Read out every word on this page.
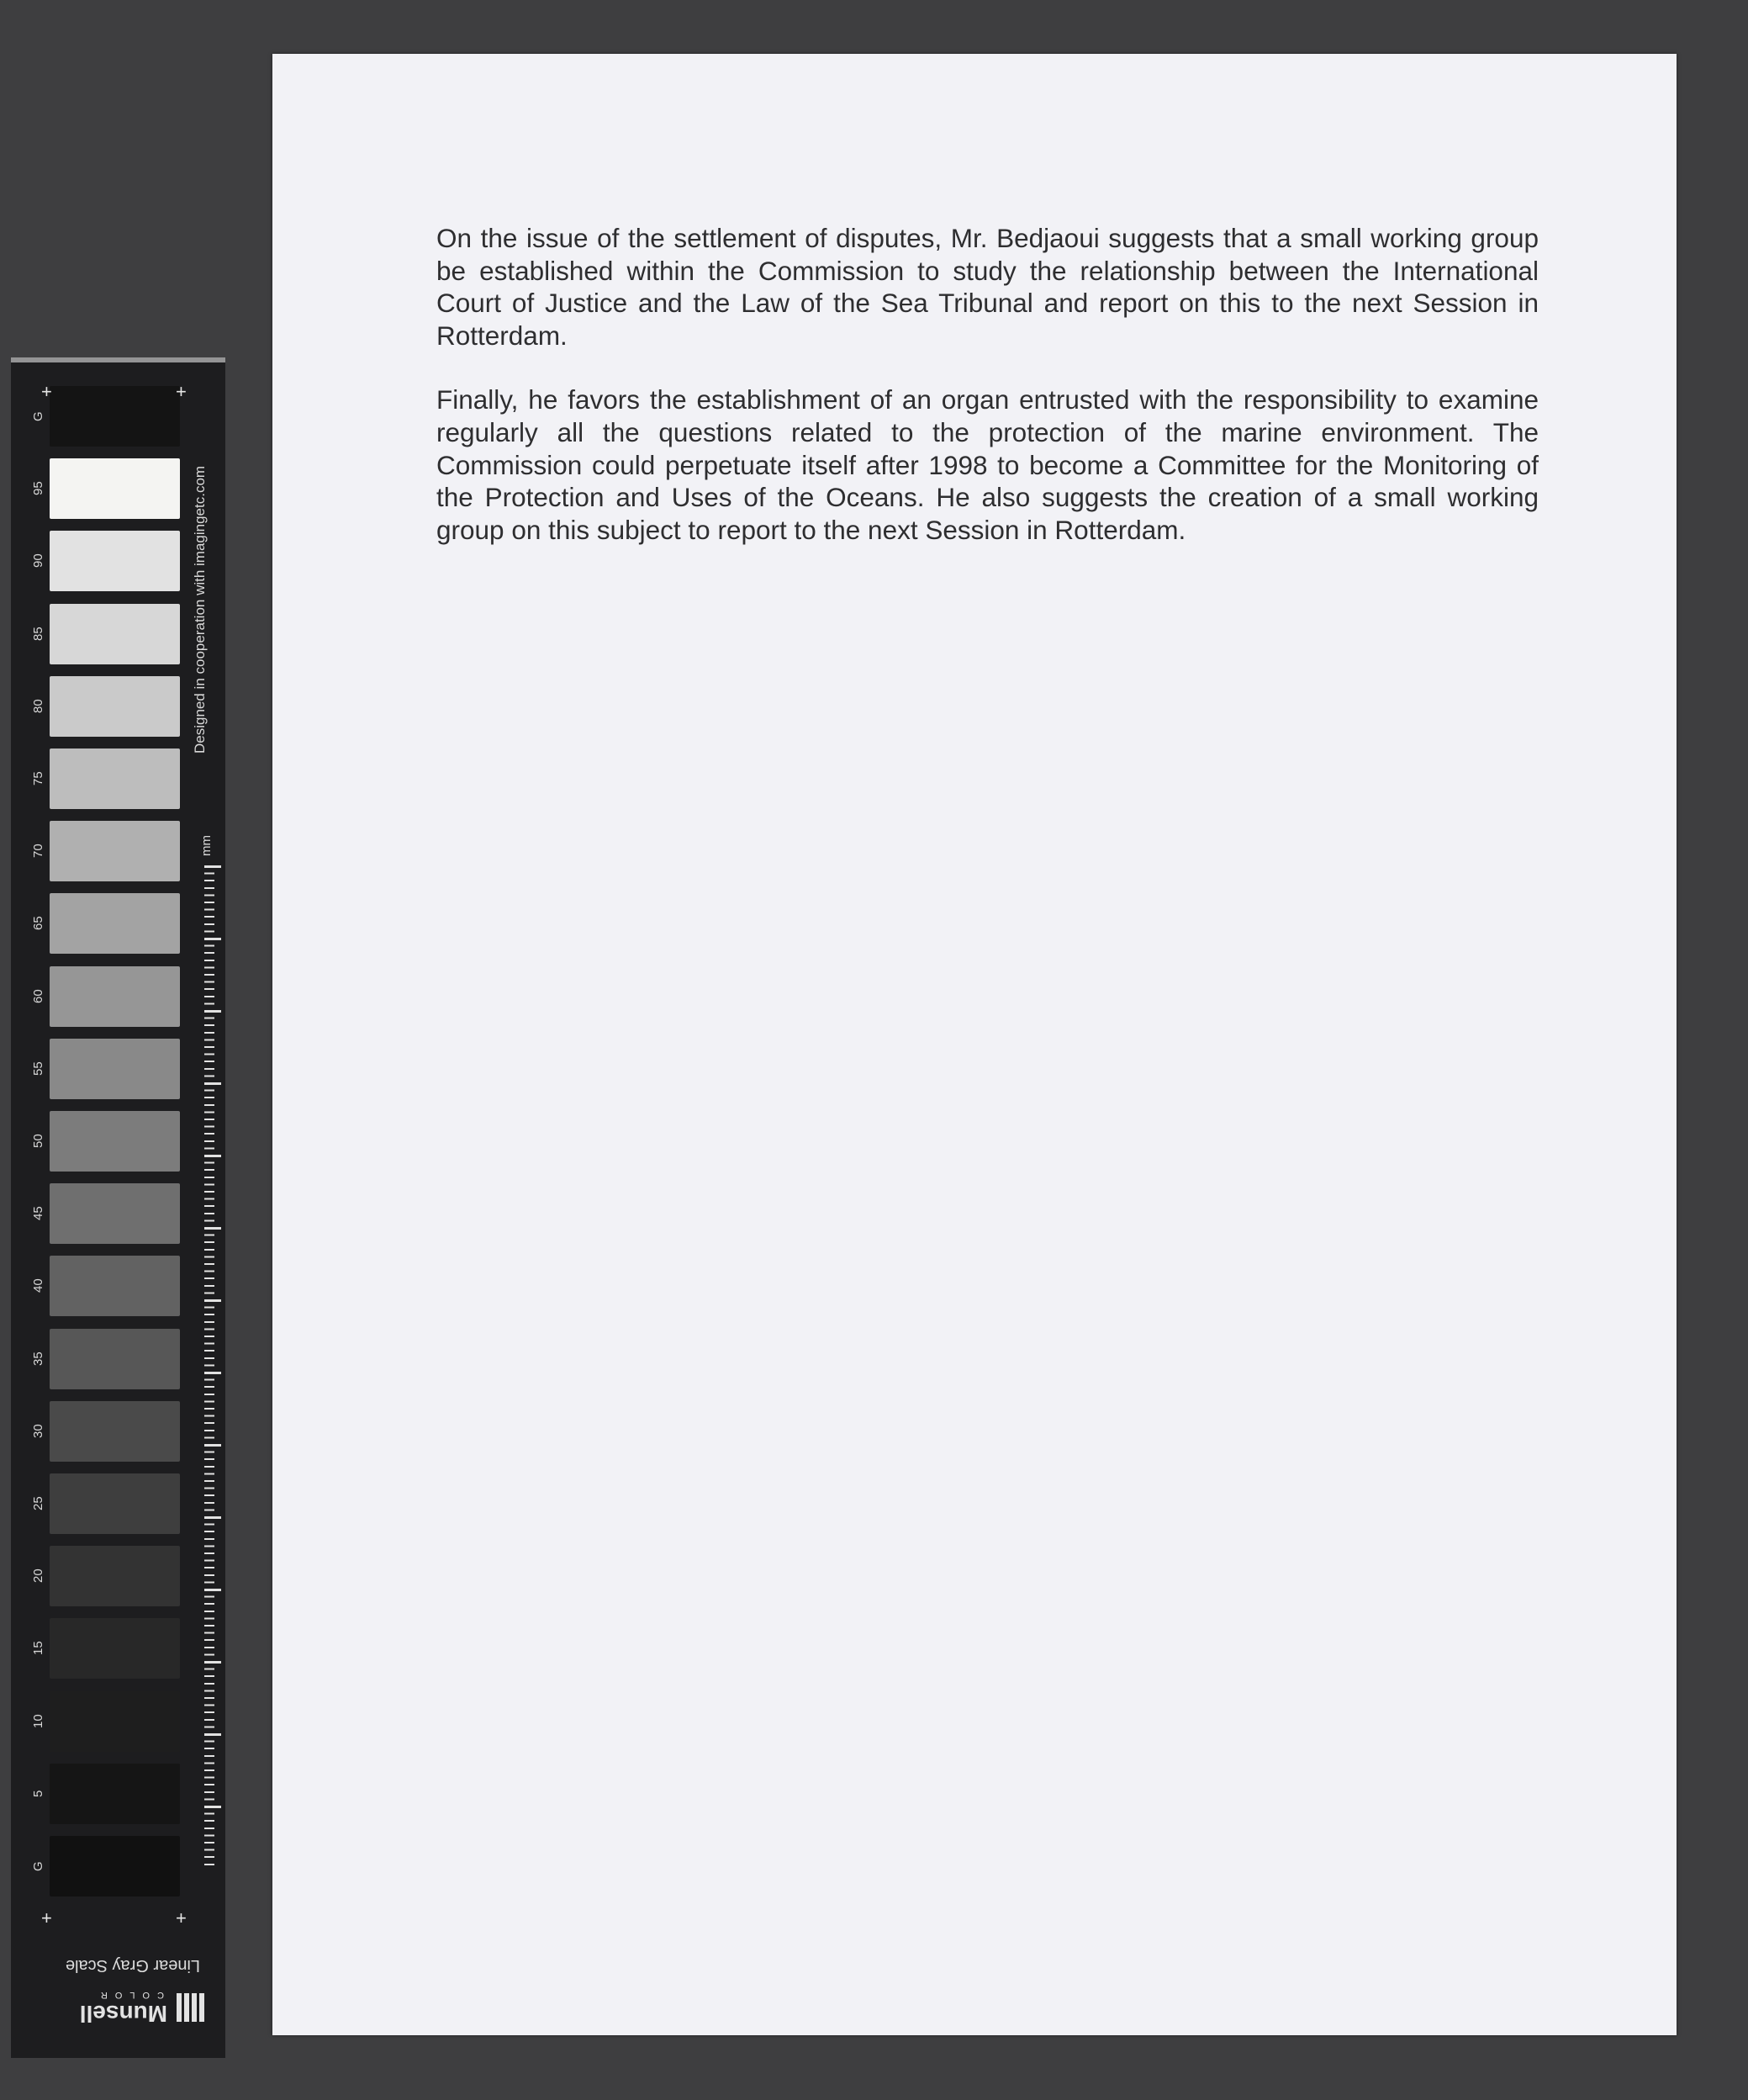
G
95
90
85
80
75
70
65
60
55
50
45
40
35
30
25
20
15
10
5
G
+	+
+	+
Designed in cooperation with imagingetc.com
mm
Linear Gray Scale
Munsell
COLOR

On the issue of the settlement of disputes, Mr. Bedjaoui suggests that a small working group be established within the Commission to study the relationship between the International Court of Justice and the Law of the Sea Tribunal and report on this to the next Session in Rotterdam.

Finally, he favors the establishment of an organ entrusted with the responsibility to examine regularly all the questions related to the protection of the marine environment. The Commission could perpetuate itself after 1998 to become a Committee for the Monitoring of the Protection and Uses of the Oceans. He also suggests the creation of a small working group on this subject to report to the next Session in Rotterdam.
